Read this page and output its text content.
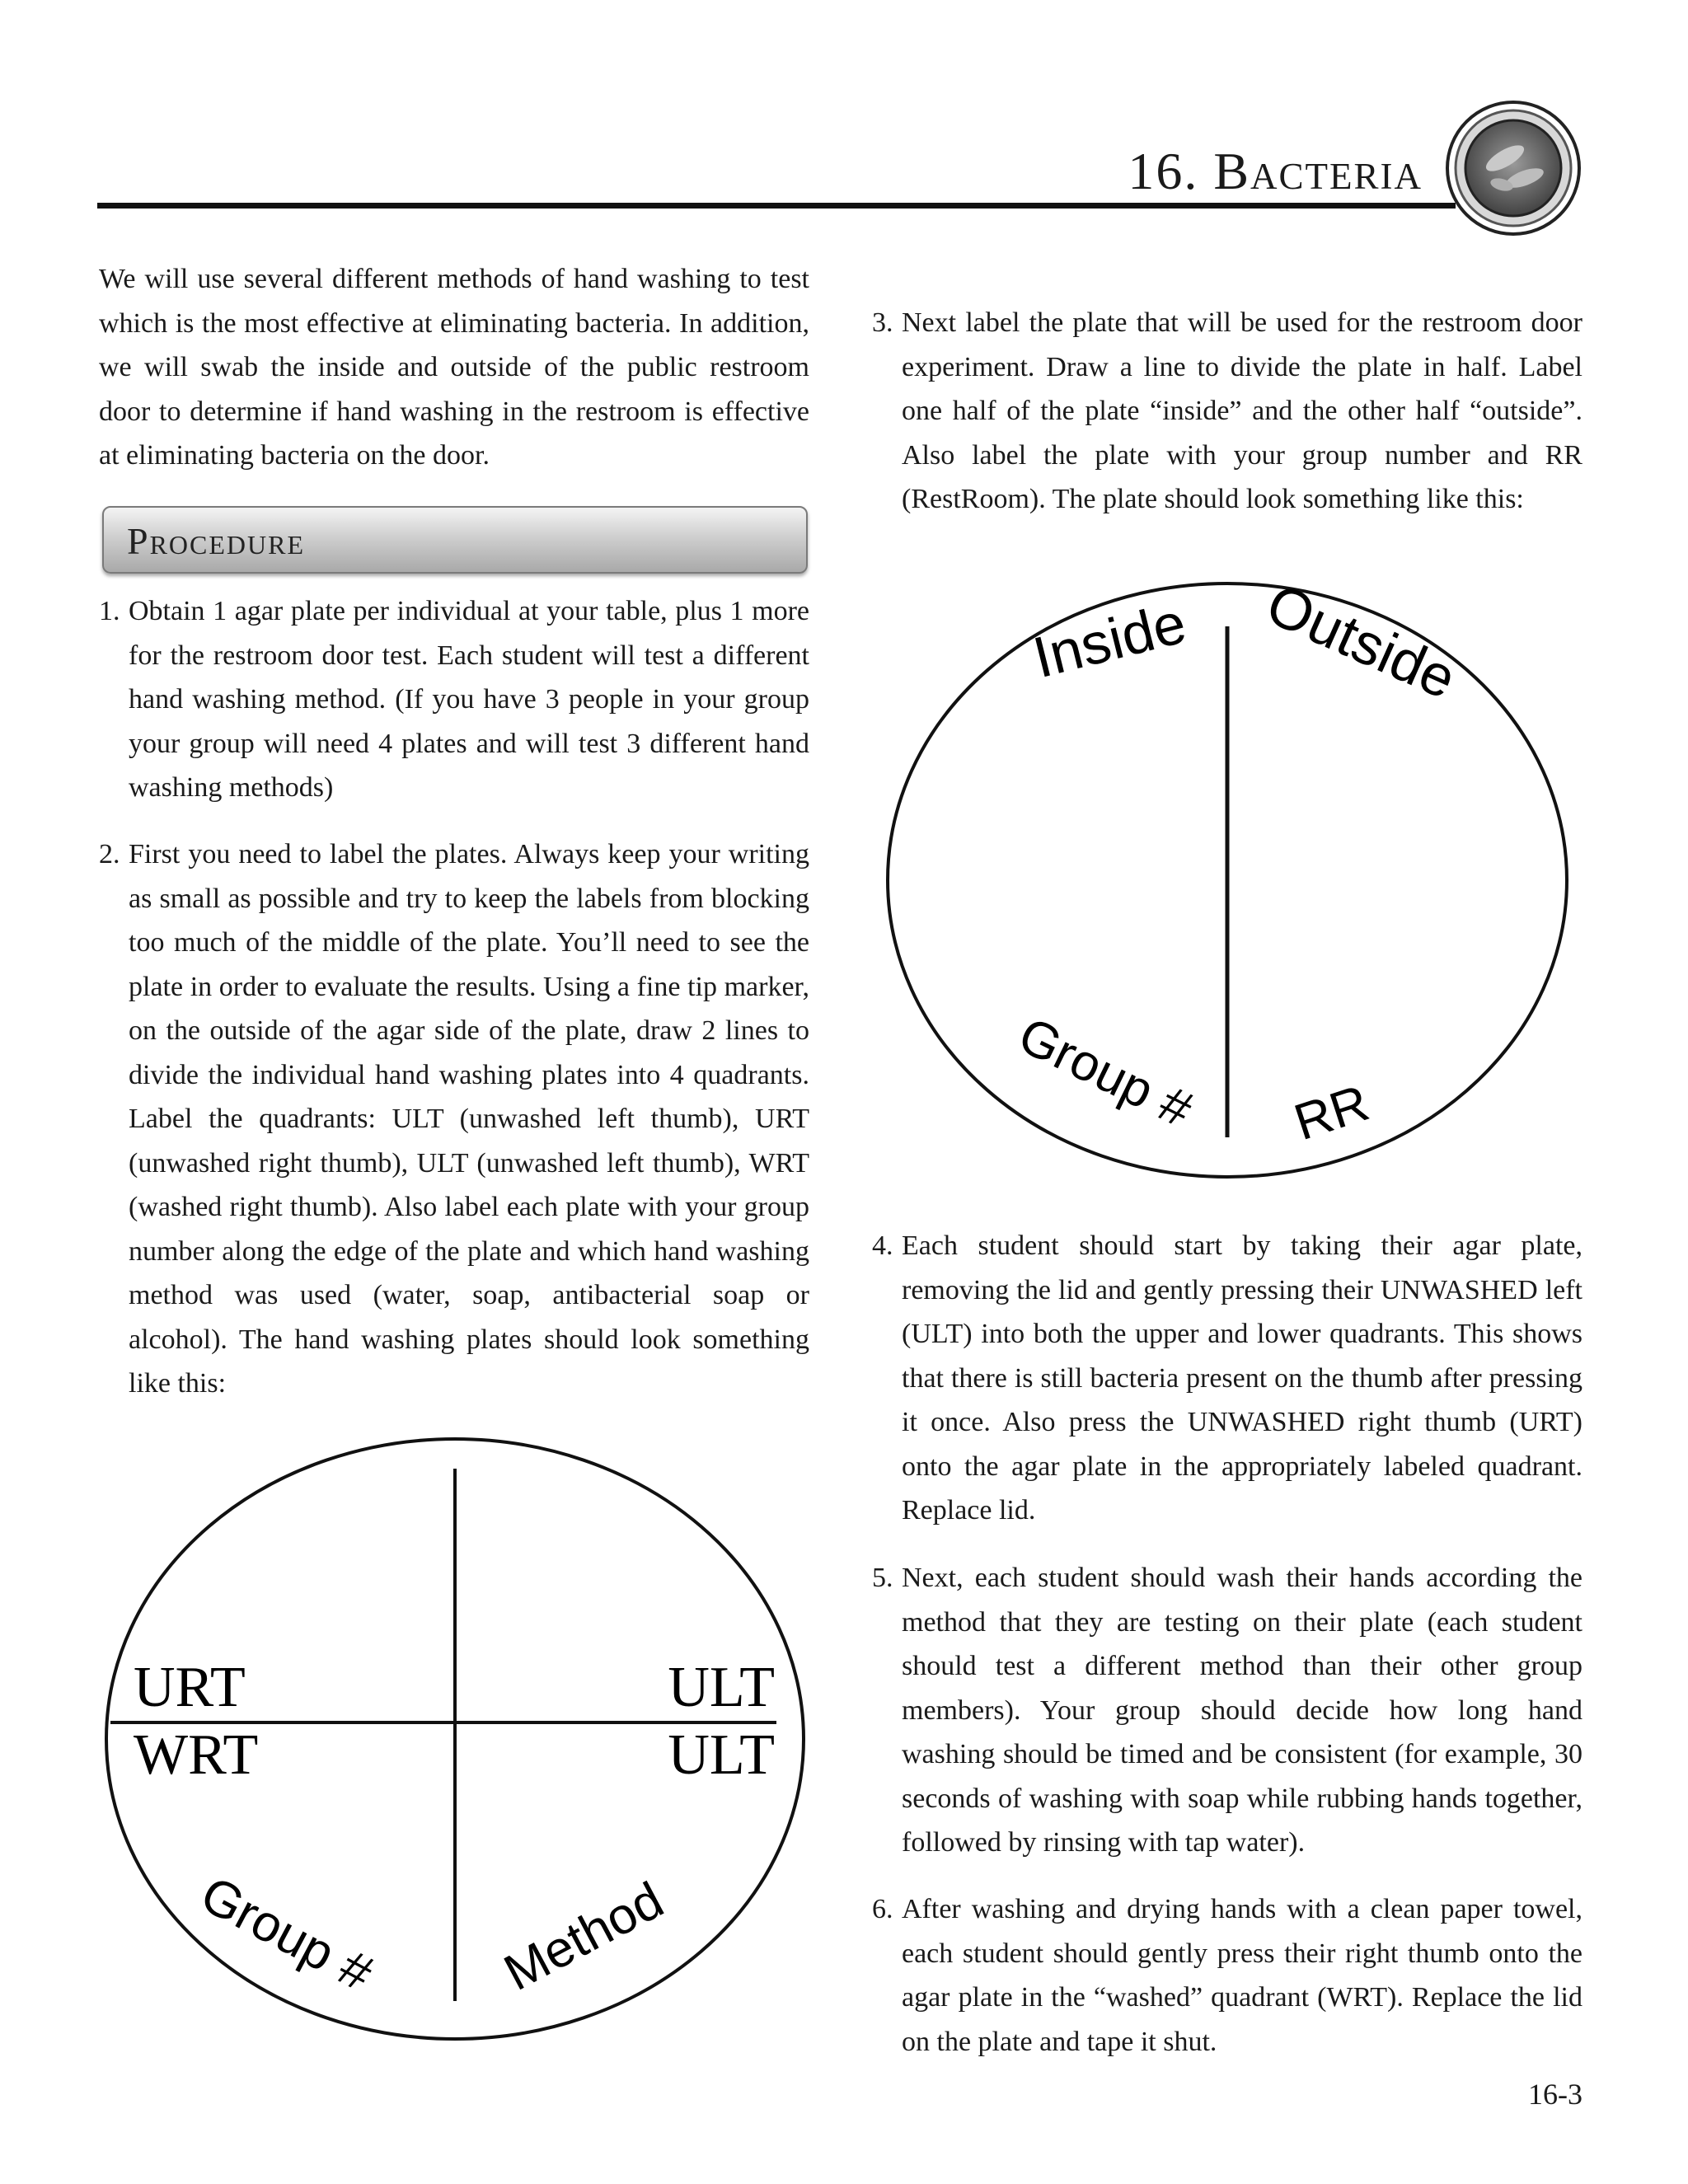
16. Bacteria

We will use several different methods of hand washing to test which is the most effective at eliminating bacteria. In addition, we will swab the inside and outside of the public restroom door to determine if hand washing in the restroom is effective at eliminating bacteria on the door.

Procedure

1. Obtain 1 agar plate per individual at your table, plus 1 more for the restroom door test. Each student will test a different hand washing method. (If you have 3 people in your group your group will need 4 plates and will test 3 different hand washing methods)

2. First you need to label the plates. Always keep your writing as small as possible and try to keep the labels from blocking too much of the middle of the plate. You’ll need to see the plate in order to evaluate the results. Using a fine tip marker, on the outside of the agar side of the plate, draw 2 lines to divide the individual hand washing plates into 4 quadrants. Label the quadrants: ULT (unwashed left thumb), URT (unwashed right thumb), ULT (unwashed left thumb), WRT (washed right thumb). Also label each plate with your group number along the edge of the plate and which hand washing method was used (water, soap, antibacterial soap or alcohol). The hand washing plates should look something like this:

URT
WRT
ULT
ULT
Group # Method

3. Next label the plate that will be used for the restroom door experiment. Draw a line to divide the plate in half. Label one half of the plate “inside” and the other half “outside”. Also label the plate with your group number and RR (RestRoom). The plate should look something like this:

Inside Outside
Group # RR

4. Each student should start by taking their agar plate, removing the lid and gently pressing their UNWASHED left (ULT) into both the upper and lower quadrants. This shows that there is still bacteria present on the thumb after pressing it once. Also press the UNWASHED right thumb (URT) onto the agar plate in the appropriately labeled quadrant. Replace lid.

5. Next, each student should wash their hands according the method that they are testing on their plate (each student should test a different method than their other group members). Your group should decide how long hand washing should be timed and be consistent (for example, 30 seconds of washing with soap while rubbing hands together, followed by rinsing with tap water).

6. After washing and drying hands with a clean paper towel, each student should gently press their right thumb onto the agar plate in the “washed” quadrant (WRT). Replace the lid on the plate and tape it shut.

16-3
